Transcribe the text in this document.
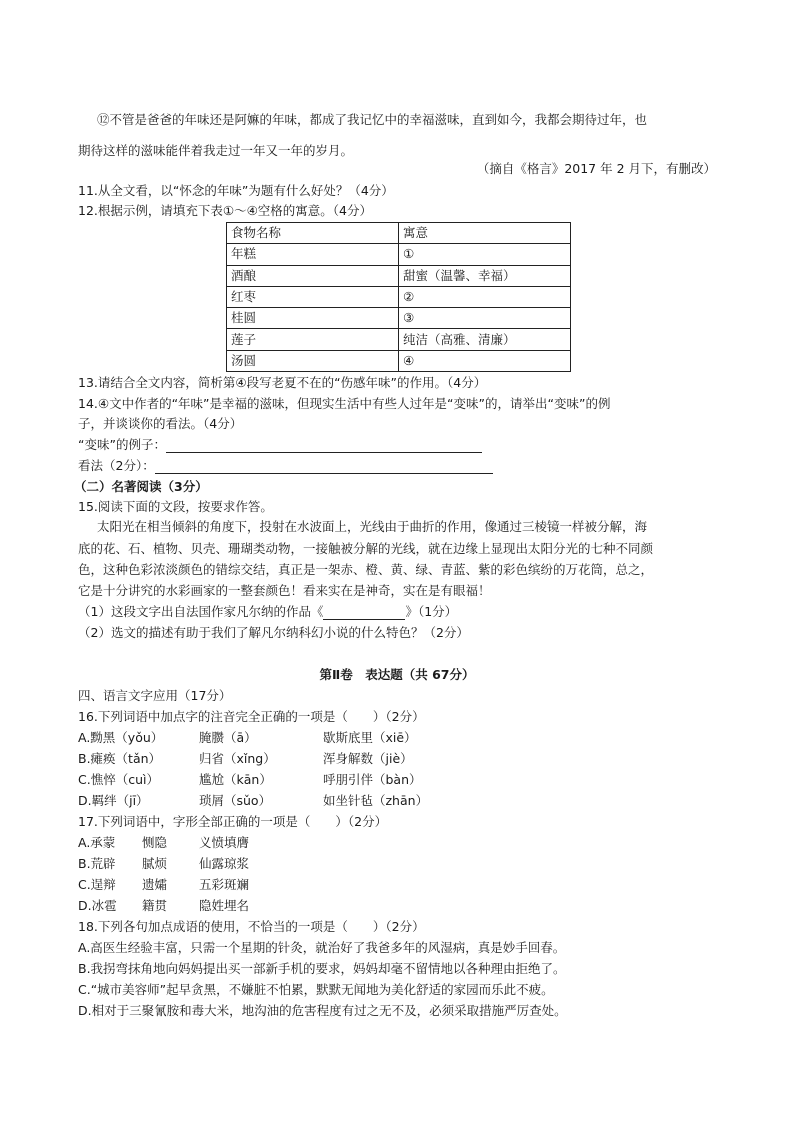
⑫不管是爸爸的年味还是阿嫲的年味，都成了我记忆中的幸福滋味，直到如今，我都会期待过年，也
期待这样的滋味能伴着我走过一年又一年的岁月。
（摘自《格言》2017 年 2 月下，有删改）
11.从全文看，以“怀念的年味”为题有什么好处？（4分）
12.根据示例，请填充下表①～④空格的寓意。（4分）
食物名称	寓意
年糕	①
酒酿	甜蜜（温馨、幸福）
红枣	②
桂圆	③
莲子	纯洁（高雅、清廉）
汤圆	④
13.请结合全文内容，简析第④段写老夏不在的“伤感年味”的作用。（4分）
14.④文中作者的“年味”是幸福的滋味，但现实生活中有些人过年是“变味”的，请举出“变味”的例
子，并谈谈你的看法。（4分）
“变味”的例子：
看法（2分）：
（二）名著阅读（3分）
15.阅读下面的文段，按要求作答。
太阳光在相当倾斜的角度下，投射在水波面上，光线由于曲折的作用，像通过三棱镜一样被分解，海
底的花、石、植物、贝壳、珊瑚类动物，一接触被分解的光线，就在边缘上显现出太阳分光的七种不同颜
色，这种色彩浓淡颜色的错综交结，真正是一架赤、橙、黄、绿、青蓝、紫的彩色缤纷的万花筒，总之，
它是十分讲究的水彩画家的一整套颜色！看来实在是神奇，实在是有眼福！
（1）这段文字出自法国作家凡尔纳的作品《	》（1分）
（2）选文的描述有助于我们了解凡尔纳科幻小说的什么特色？（2分）
第Ⅱ卷　表达题（共 67分）
四、语言文字应用（17分）
16.下列词语中加点字的注音完全正确的一项是（　　）（2分）
A.黝黑（yǒu）	腌臜（ā）	歇斯底里（xiē）
B.瘫痪（tǎn）	归省（xǐng）	浑身解数（jiè）
C.憔悴（cuì）	尴尬（kān）	呼朋引伴（bàn）
D.羁绊（jī）	琐屑（sǔo）	如坐针毡（zhān）
17.下列词语中，字形全部正确的一项是（　　）（2分）
A.承蒙 恻隐	义愤填膺
B.荒辟 腻烦	仙露琼浆
C.逞辩 遗孀	五彩斑斓
D.冰雹 籍贯	隐姓埋名
18.下列各句加点成语的使用，不恰当的一项是（　　）（2分）
A.高医生经验丰富，只需一个星期的针灸，就治好了我爸多年的风湿病，真是妙手回春。
B.我拐弯抹角地向妈妈提出买一部新手机的要求，妈妈却毫不留情地以各种理由拒绝了。
C.“城市美容师”起早贪黑，不嫌脏不怕累，默默无闻地为美化舒适的家园而乐此不疲。
D.相对于三聚氰胺和毒大米，地沟油的危害程度有过之无不及，必须采取措施严厉查处。
